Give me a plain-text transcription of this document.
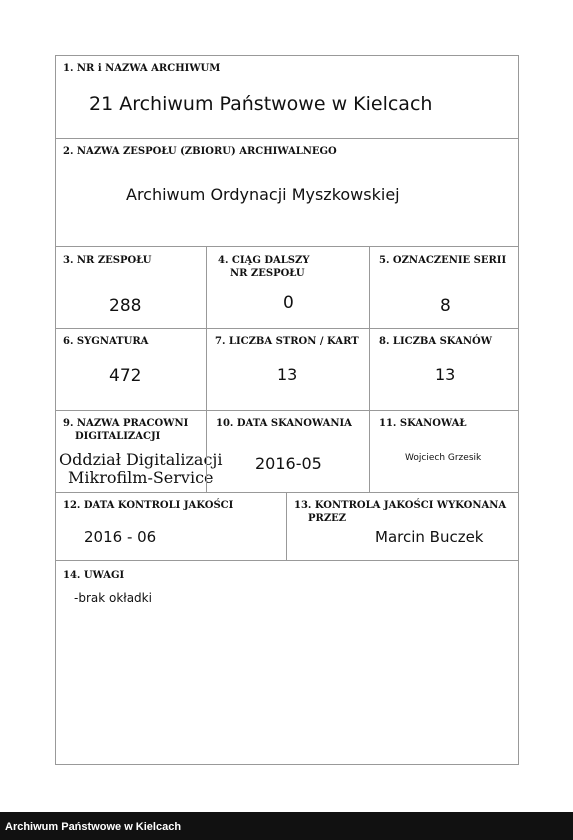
1. NR i NAZWA ARCHIWUM
21 Archiwum Państwowe w Kielcach
2. NAZWA ZESPOŁU (ZBIORU) ARCHIWALNEGO
Archiwum Ordynacji Myszkowskiej
3. NR ZESPOŁU
288
4. CIĄG DALSZY
NR ZESPOŁU
0
5. OZNACZENIE SERII
8
6. SYGNATURA
472
7. LICZBA STRON / KART
13
8. LICZBA SKANÓW
13
9. NAZWA PRACOWNI
DIGITALIZACJI
Oddział Digitalizacji
Mikrofilm-Service
10. DATA SKANOWANIA
2016-05
11. SKANOWAŁ
Wojciech Grzesik
12. DATA KONTROLI JAKOŚCI
2016 - 06
13. KONTROLA JAKOŚCI WYKONANA
PRZEZ
Marcin Buczek
14. UWAGI
-brak okładki
Archiwum Państwowe w Kielcach
